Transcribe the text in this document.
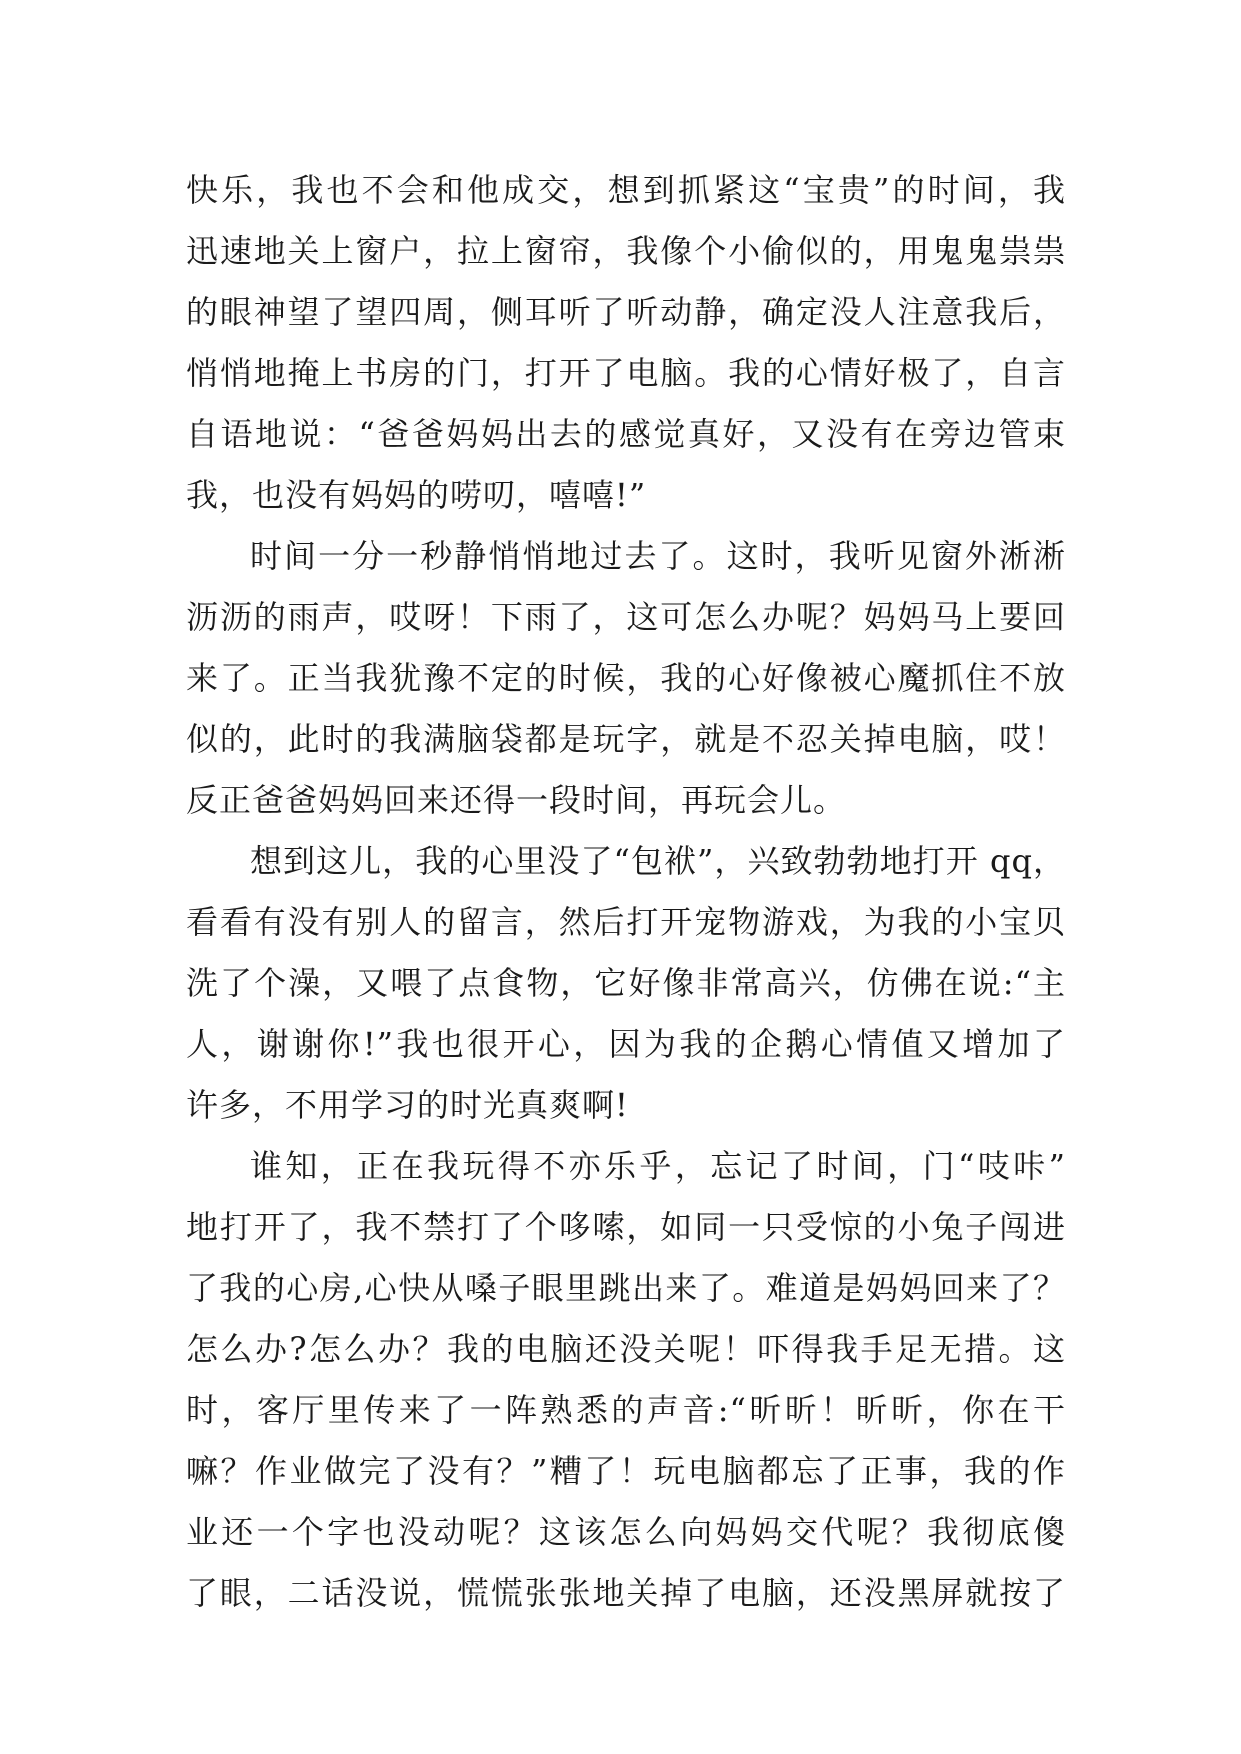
快乐，我也不会和他成交，想到抓紧这“宝贵”的时间，我
迅速地关上窗户，拉上窗帘，我像个小偷似的，用鬼鬼祟祟
的眼神望了望四周，侧耳听了听动静，确定没人注意我后，
悄悄地掩上书房的门，打开了电脑。我的心情好极了，自言
自语地说：“爸爸妈妈出去的感觉真好，又没有在旁边管束
我，也没有妈妈的唠叨，嘻嘻!”
时间一分一秒静悄悄地过去了。这时，我听见窗外淅淅
沥沥的雨声，哎呀！下雨了，这可怎么办呢？妈妈马上要回
来了。正当我犹豫不定的时候，我的心好像被心魔抓住不放
似的，此时的我满脑袋都是玩字，就是不忍关掉电脑，哎！
反正爸爸妈妈回来还得一段时间，再玩会儿。
想到这儿，我的心里没了“包袱”，兴致勃勃地打开 qq，
看看有没有别人的留言，然后打开宠物游戏，为我的小宝贝
洗了个澡，又喂了点食物，它好像非常高兴，仿佛在说:“主
人，谢谢你!”我也很开心，因为我的企鹅心情值又增加了
许多，不用学习的时光真爽啊!
谁知，正在我玩得不亦乐乎，忘记了时间，门“吱咔”
地打开了，我不禁打了个哆嗦，如同一只受惊的小兔子闯进
了我的心房,心快从嗓子眼里跳出来了。难道是妈妈回来了？
怎么办?怎么办？我的电脑还没关呢！吓得我手足无措。这
时，客厅里传来了一阵熟悉的声音:“昕昕！昕昕，你在干
嘛？作业做完了没有？”糟了！玩电脑都忘了正事，我的作
业还一个字也没动呢？这该怎么向妈妈交代呢？我彻底傻
了眼，二话没说，慌慌张张地关掉了电脑，还没黑屏就按了
